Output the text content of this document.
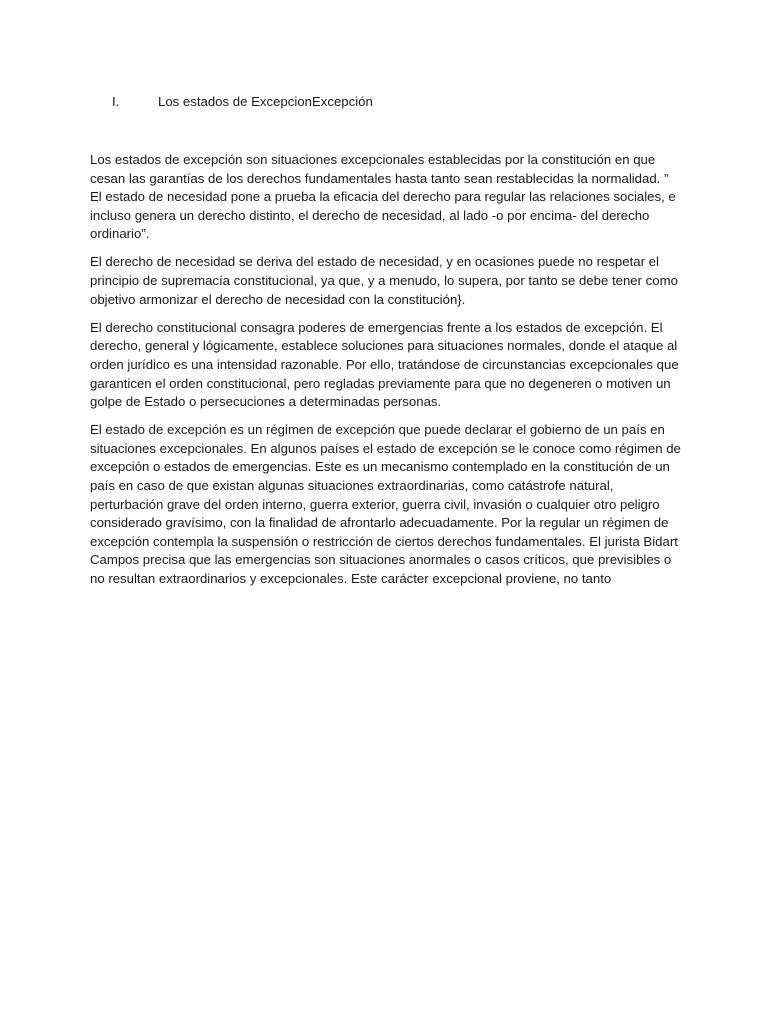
I.	Los estados de ExcepcionExcepción

Los estados de excepción son situaciones excepcionales establecidas por la constitución en que cesan las garantías de los derechos fundamentales hasta tanto sean restablecidas la normalidad. ” El estado de necesidad pone a prueba la eficacia del derecho para regular las relaciones sociales, e incluso genera un derecho distinto, el derecho de necesidad, al lado -o por encima- del derecho ordinario”.

El derecho de necesidad se deriva del estado de necesidad, y en ocasiones puede no respetar el principio de supremacía constitucional, ya que, y a menudo, lo supera, por tanto se debe tener como objetivo armonizar el derecho de necesidad con la constitución}.

El derecho constitucional consagra poderes de emergencias frente a los estados de excepción. El derecho, general y lógicamente, establece soluciones para situaciones normales, donde el ataque al orden jurídico es una intensidad razonable. Por ello, tratándose de circunstancias excepcionales que garanticen el orden constitucional, pero regladas previamente para que no degeneren o motiven un golpe de Estado o persecuciones a determinadas personas.

El estado de excepción es un régimen de excepción que puede declarar el gobierno de un país en situaciones excepcionales. En algunos países el estado de excepción se le conoce como régimen de excepción o estados de emergencias. Este es un mecanismo contemplado en la constitución de un país en caso de que existan algunas situaciones extraordinarias, como catástrofe natural, perturbación grave del orden interno, guerra exterior, guerra civil, invasión o cualquier otro peligro considerado gravísimo, con la finalidad de afrontarlo adecuadamente. Por la regular un régimen de excepción contempla la suspensión o restricción de ciertos derechos fundamentales. El jurista Bidart Campos precisa que las emergencias son situaciones anormales o casos críticos, que previsibles o no resultan extraordinarios y excepcionales. Este carácter excepcional proviene, no tanto
